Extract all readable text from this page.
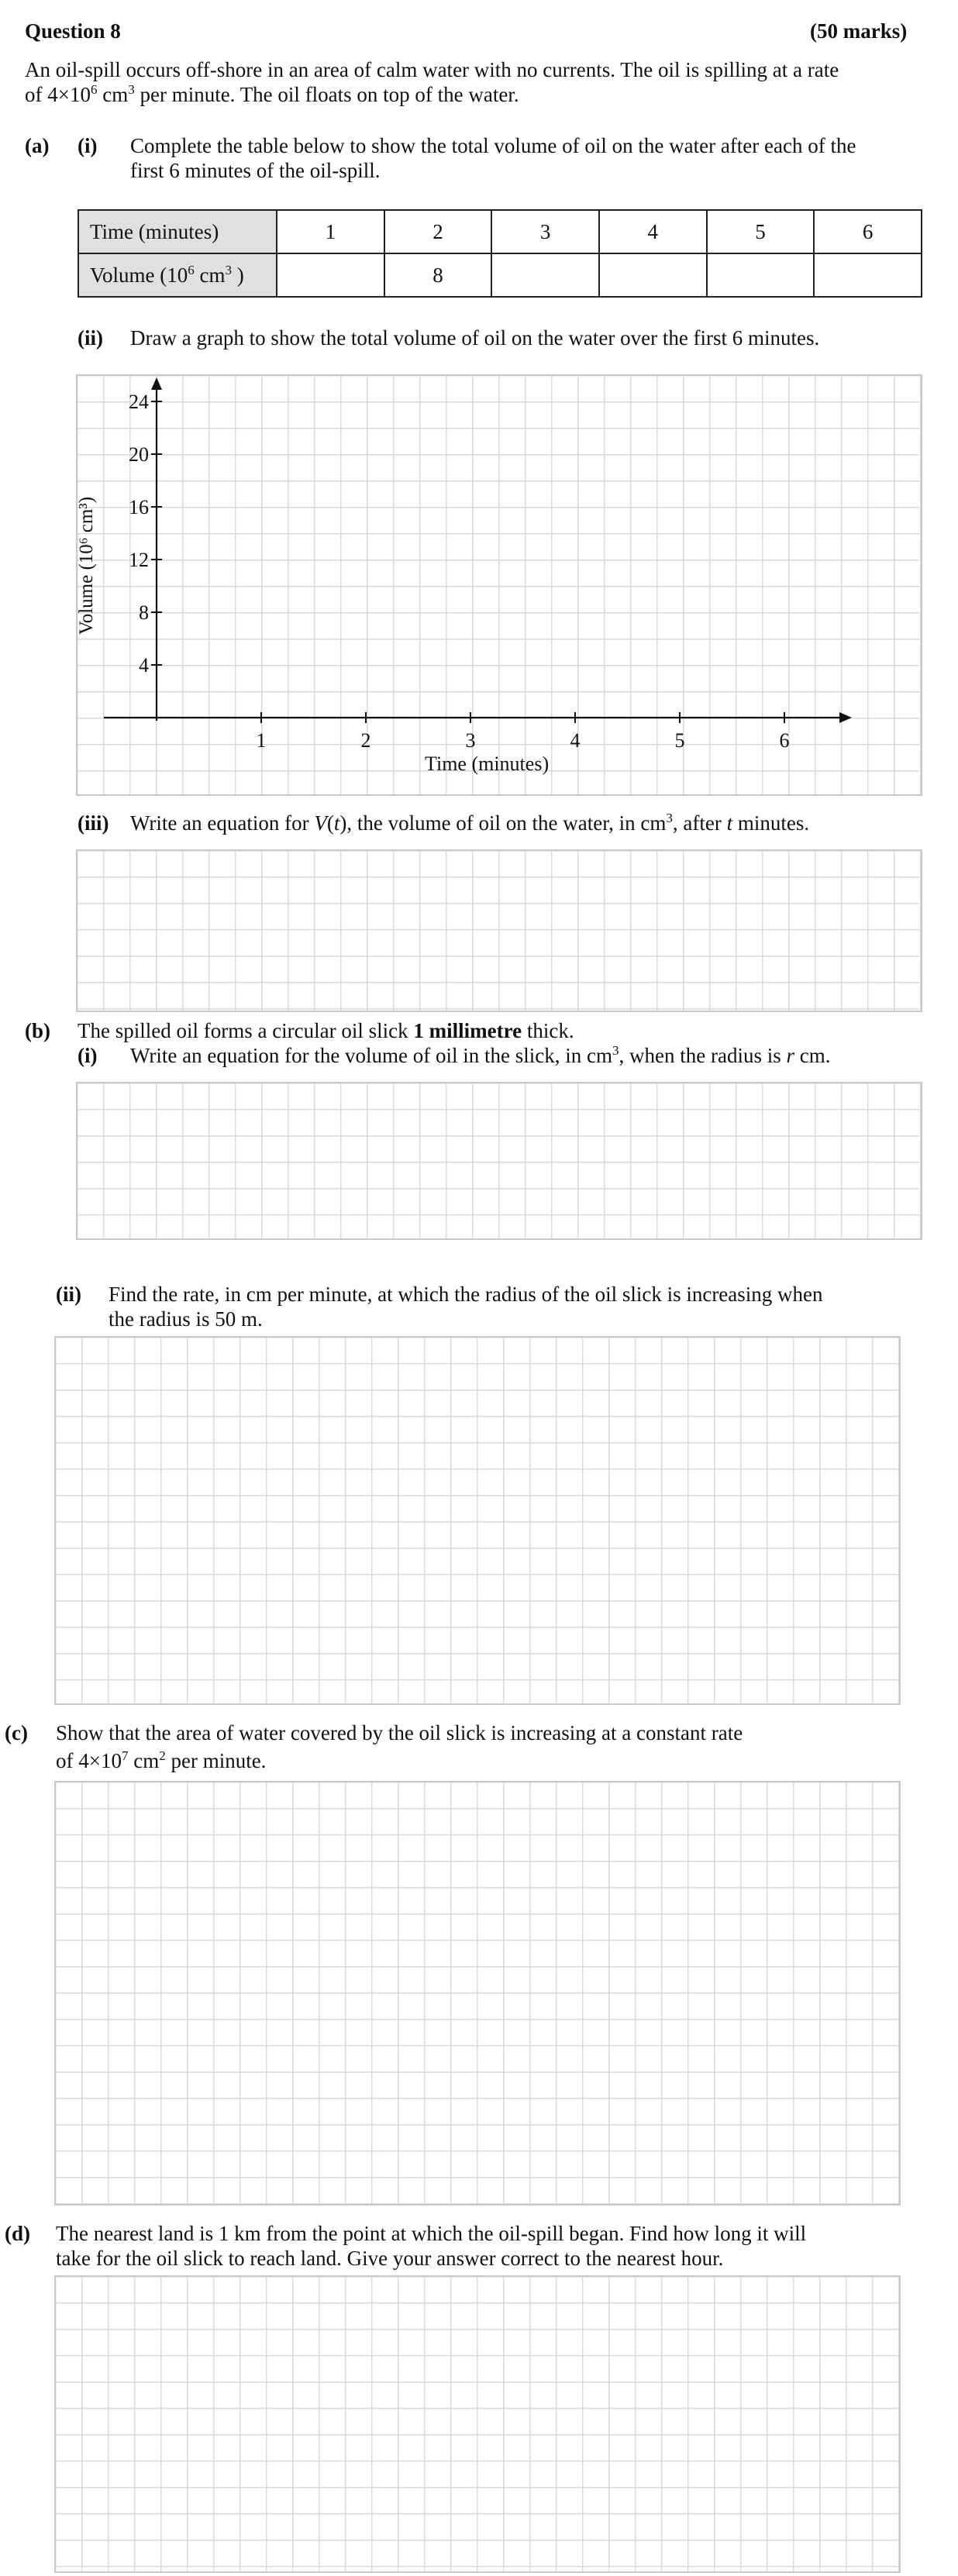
Question 8	(50 marks)
An oil-spill occurs off-shore in an area of calm water with no currents. The oil is spilling at a rate
of $4\times 10^6$ $cm^3$ per minute. The oil floats on top of the water.
(a) (i) Complete the table below to show the total volume of oil on the water after each of the
first 6 minutes of the oil-spill.
Time (minutes)	1	2	3	4	5	6
Volume ($10^6$ $cm^3$ )		8				
(ii) Draw a graph to show the total volume of oil on the water over the first 6 minutes.
1	2	3	4	5	6
4
8
12
16
20
24
Volume (10⁶ cm³)
Time (minutes)
(iii) Write an equation for V(t), the volume of oil on the water, in $cm^3$, after t minutes.
(b) The spilled oil forms a circular oil slick 1 millimetre thick.
(i) Write an equation for the volume of oil in the slick, in $cm^3$, when the radius is r cm.
(ii) Find the rate, in cm per minute, at which the radius of the oil slick is increasing when
the radius is 50 m.
(c) Show that the area of water covered by the oil slick is increasing at a constant rate
of $4\times 10^7$ $cm^2$ per minute.
(d) The nearest land is 1 km from the point at which the oil-spill began. Find how long it will
take for the oil slick to reach land. Give your answer correct to the nearest hour.
